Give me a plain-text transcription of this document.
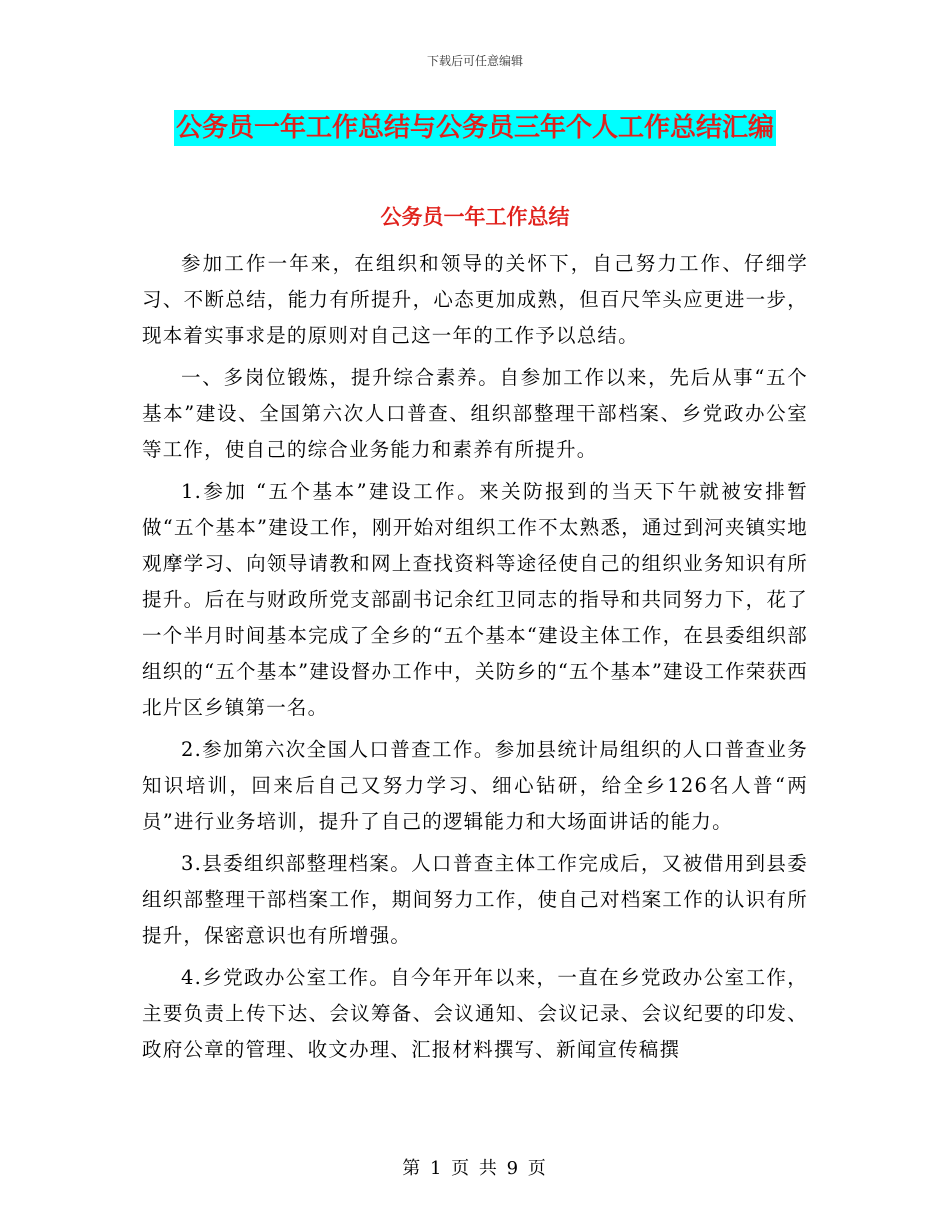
下载后可任意编辑
公务员一年工作总结与公务员三年个人工作总结汇编
公务员一年工作总结

参加工作一年来，在组织和领导的关怀下，自己努力工作、仔细学习、不断总结，能力有所提升，心态更加成熟，但百尺竿头应更进一步，现本着实事求是的原则对自己这一年的工作予以总结。

一、多岗位锻炼，提升综合素养。自参加工作以来，先后从事“五个基本”建设、全国第六次人口普查、组织部整理干部档案、乡党政办公室等工作，使自己的综合业务能力和素养有所提升。

1.参加 “五个基本”建设工作。来关防报到的当天下午就被安排暂做“五个基本”建设工作，刚开始对组织工作不太熟悉，通过到河夹镇实地观摩学习、向领导请教和网上查找资料等途径使自己的组织业务知识有所提升。后在与财政所党支部副书记余红卫同志的指导和共同努力下，花了一个半月时间基本完成了全乡的“五个基本“建设主体工作，在县委组织部组织的“五个基本”建设督办工作中，关防乡的“五个基本”建设工作荣获西北片区乡镇第一名。

2.参加第六次全国人口普查工作。参加县统计局组织的人口普查业务知识培训，回来后自己又努力学习、细心钻研，给全乡126名人普“两员”进行业务培训，提升了自己的逻辑能力和大场面讲话的能力。

3.县委组织部整理档案。人口普查主体工作完成后，又被借用到县委组织部整理干部档案工作，期间努力工作，使自己对档案工作的认识有所提升，保密意识也有所增强。

4.乡党政办公室工作。自今年开年以来，一直在乡党政办公室工作，主要负责上传下达、会议筹备、会议通知、会议记录、会议纪要的印发、政府公章的管理、收文办理、汇报材料撰写、新闻宣传稿撰

第 1 页 共 9 页
